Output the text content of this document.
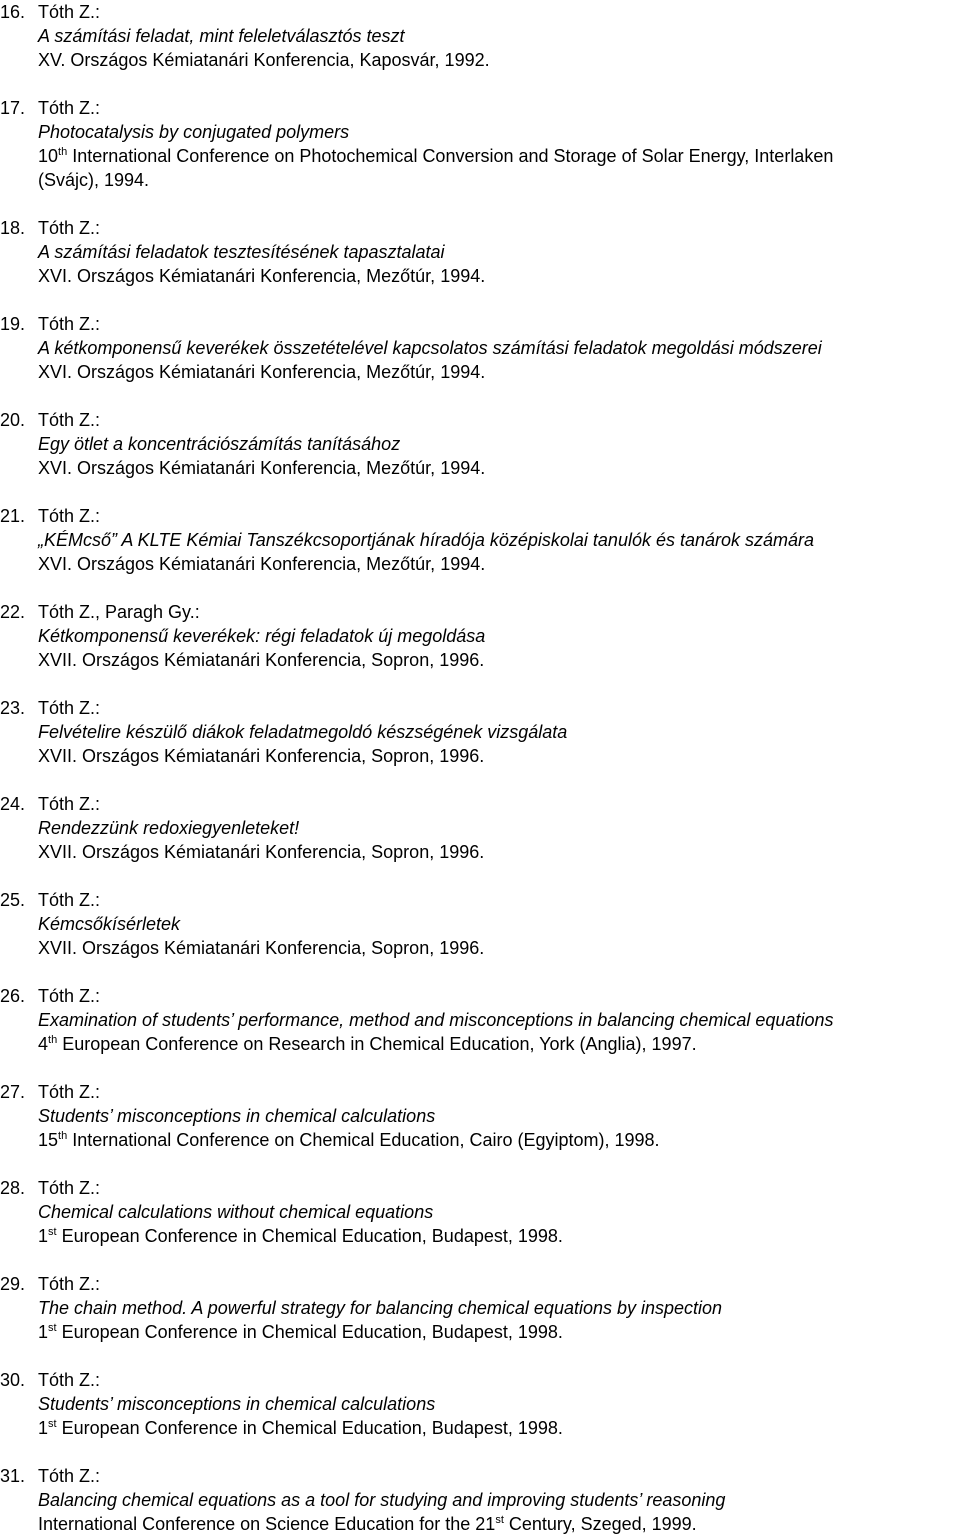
16. Tóth Z.:
A számítási feladat, mint feleletválasztós teszt
XV. Országos Kémiatanári Konferencia, Kaposvár, 1992.
17. Tóth Z.:
Photocatalysis by conjugated polymers
10th International Conference on Photochemical Conversion and Storage of Solar Energy, Interlaken
(Svájc), 1994.
18. Tóth Z.:
A számítási feladatok tesztesítésének tapasztalatai
XVI. Országos Kémiatanári Konferencia, Mezőtúr, 1994.
19. Tóth Z.:
A kétkomponensű keverékek összetételével kapcsolatos számítási feladatok megoldási módszerei
XVI. Országos Kémiatanári Konferencia, Mezőtúr, 1994.
20. Tóth Z.:
Egy ötlet a koncentrációszámítás tanításához
XVI. Országos Kémiatanári Konferencia, Mezőtúr, 1994.
21. Tóth Z.:
„KÉMcső” A KLTE Kémiai Tanszékcsoportjának híradója középiskolai tanulók és tanárok számára
XVI. Országos Kémiatanári Konferencia, Mezőtúr, 1994.
22. Tóth Z., Paragh Gy.:
Kétkomponensű keverékek: régi feladatok új megoldása
XVII. Országos Kémiatanári Konferencia, Sopron, 1996.
23. Tóth Z.:
Felvételire készülő diákok feladatmegoldó készségének vizsgálata
XVII. Országos Kémiatanári Konferencia, Sopron, 1996.
24. Tóth Z.:
Rendezzünk redoxiegyenleteket!
XVII. Országos Kémiatanári Konferencia, Sopron, 1996.
25. Tóth Z.:
Kémcsőkísérletek
XVII. Országos Kémiatanári Konferencia, Sopron, 1996.
26. Tóth Z.:
Examination of students’ performance, method and misconceptions in balancing chemical equations
4th European Conference on Research in Chemical Education, York (Anglia), 1997.
27. Tóth Z.:
Students’ misconceptions in chemical calculations
15th International Conference on Chemical Education, Cairo (Egyiptom), 1998.
28. Tóth Z.:
Chemical calculations without chemical equations
1st European Conference in Chemical Education, Budapest, 1998.
29. Tóth Z.:
The chain method. A powerful strategy for balancing chemical equations by inspection
1st European Conference in Chemical Education, Budapest, 1998.
30. Tóth Z.:
Students’ misconceptions in chemical calculations
1st European Conference in Chemical Education, Budapest, 1998.
31. Tóth Z.:
Balancing chemical equations as a tool for studying and improving students’ reasoning
International Conference on Science Education for the 21st Century, Szeged, 1999.
